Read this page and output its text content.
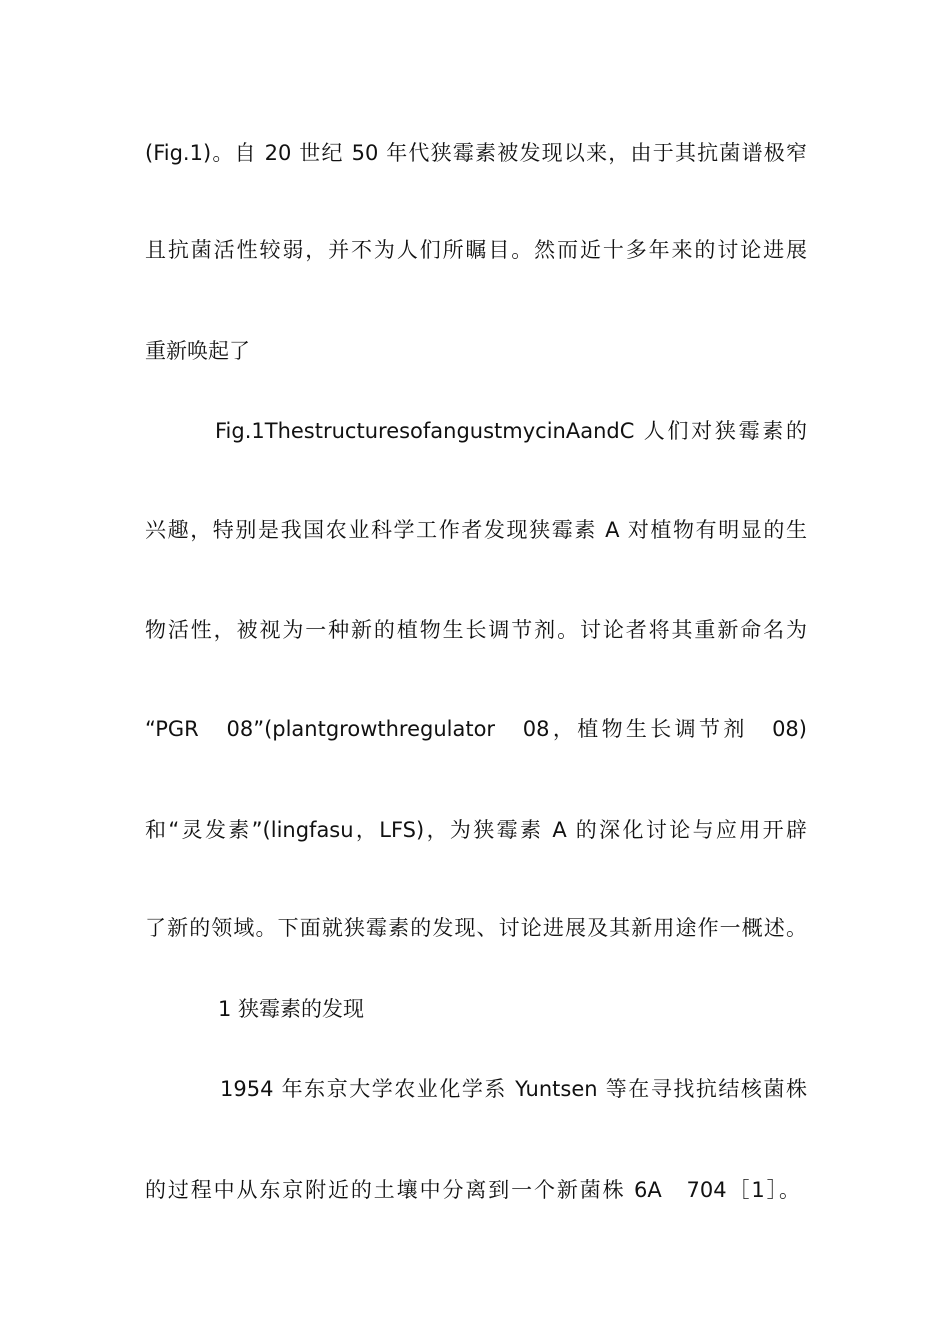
(Fig.1)。自 20 世纪 50 年代狭霉素被发现以来，由于其抗菌谱极窄
且抗菌活性较弱，并不为人们所瞩目。然而近十多年来的讨论进展
重新唤起了
Fig.1ThestructuresofangustmycinAandC 人们对狭霉素的
兴趣，特别是我国农业科学工作者发现狭霉素 A 对植物有明显的生
物活性，被视为一种新的植物生长调节剂。讨论者将其重新命名为
“PGR　08”(plantgrowthregulator　08，植物生长调节剂　08)
和“灵发素”(lingfasu，LFS)，为狭霉素 A 的深化讨论与应用开辟
了新的领域。下面就狭霉素的发现、讨论进展及其新用途作一概述。
1 狭霉素的发现
1954 年东京大学农业化学系 Yuntsen 等在寻找抗结核菌株
的过程中从东京附近的土壤中分离到一个新菌株 6A　704［1］。
